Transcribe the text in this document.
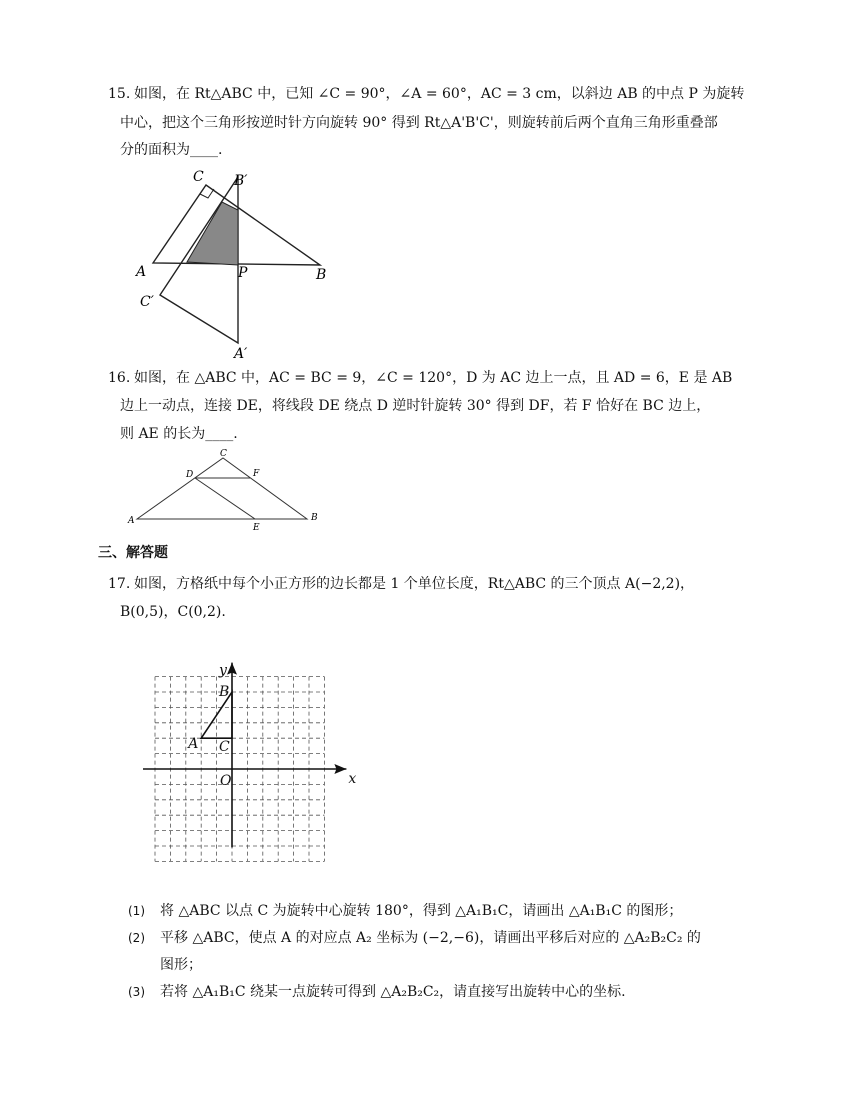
15. 如图，在 Rt△ABC 中，已知 ∠C = 90°，∠A = 60°，AC = 3 cm，以斜边 AB 的中点 P 为旋转
中心，把这个三角形按逆时针方向旋转 90° 得到 Rt△A'B'C'，则旋转前后两个直角三角形重叠部
分的面积为____.
C B′
A	P	B
C′
A′
16. 如图，在 △ABC 中，AC = BC = 9，∠C = 120°，D 为 AC 边上一点，且 AD = 6，E 是 AB
边上一动点，连接 DE，将线段 DE 绕点 D 逆时针旋转 30° 得到 DF，若 F 恰好在 BC 边上，
则 AE 的长为____.
C
D	F
A
E
B
三、解答题
17. 如图，方格纸中每个小正方形的边长都是 1 个单位长度，Rt△ABC 的三个顶点 A(−2,2)，
B(0,5)，C(0,2).
y
x
O
A
B
C
(1) 将 △ABC 以点 C 为旋转中心旋转 180°，得到 △A₁B₁C，请画出 △A₁B₁C 的图形；
(2) 平移 △ABC，使点 A 的对应点 A₂ 坐标为 (−2,−6)，请画出平移后对应的 △A₂B₂C₂ 的
图形；
(3) 若将 △A₁B₁C 绕某一点旋转可得到 △A₂B₂C₂，请直接写出旋转中心的坐标.
